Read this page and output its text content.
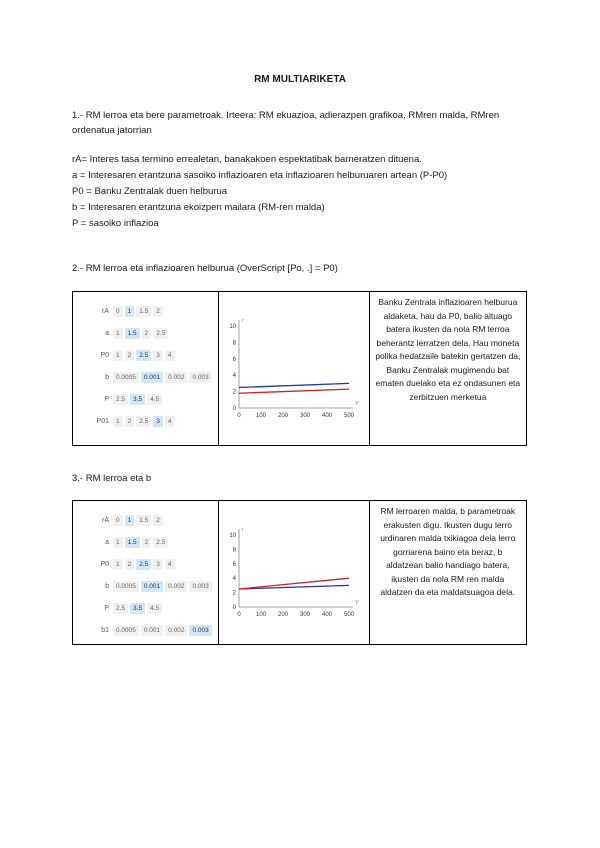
RM MULTIARIKETA
1.- RM lerroa eta bere parametroak. Irteera: RM ekuazioa, adierazpen grafikoa, RMren malda, RMren ordenatua jatorrian
rA= Interes tasa termino errealetan, banakakoen espektatibak barneratzen dituena.
a = Interesaren erantzuna sasoiko inflazioaren eta inflazioaren helburuaren artean (P-P0)
P0 = Banku Zentralak duen helburua
b = Interesaren erantzuna ekoizpen mailara (RM-ren malda)
P = sasoiko inflazioa
2.- RM lerroa eta inflazioaren helburua (OverScript [Po, .] = P0)
rA	0	1	1.5	2
a	1	1.5	2	2.5
P0	1	2	2.5	3	4
b	0.0005	0.001	0.002	0.003
P	2.5	3.5	4.5
P01	1	2	2.5	3	4

0	100 200 300 400 500
0
2
4
6
8
10
Y
r
	Banku Zentrala inflazioaren helburua aldaketa, hau da P0, balio altuago batera ikusten da nola RM lerroa beherantz lerratzen dela. Hau moneta polika hedatzaile batekin gertatzen da, Banku Zentralak mugimendu bat ematen duelako eta ez ondasunen eta zerbitzuen merketua
3.- RM lerroa eta b
rA	0	1	1.5	2
a	1	1.5	2	2.5
P0	1	2	2.5	3	4
b	0.0005	0.001	0.002	0.003
P	2.5	3.5	4.5
b1	0.0005	0.001	0.002	0.003

0	100 200 300 400 500
0
2
4
6
8
10
Y
r
	RM lerroaren malda, b parametroak erakusten digu. Ikusten dugu lerro urdinaren malda txikiagoa dela lerro gorriarena baino eta beraz, b aldatzean balio handiago batera, ikusten da nola RM ren malda aldatzen da eta maldatsuagoa dela.
